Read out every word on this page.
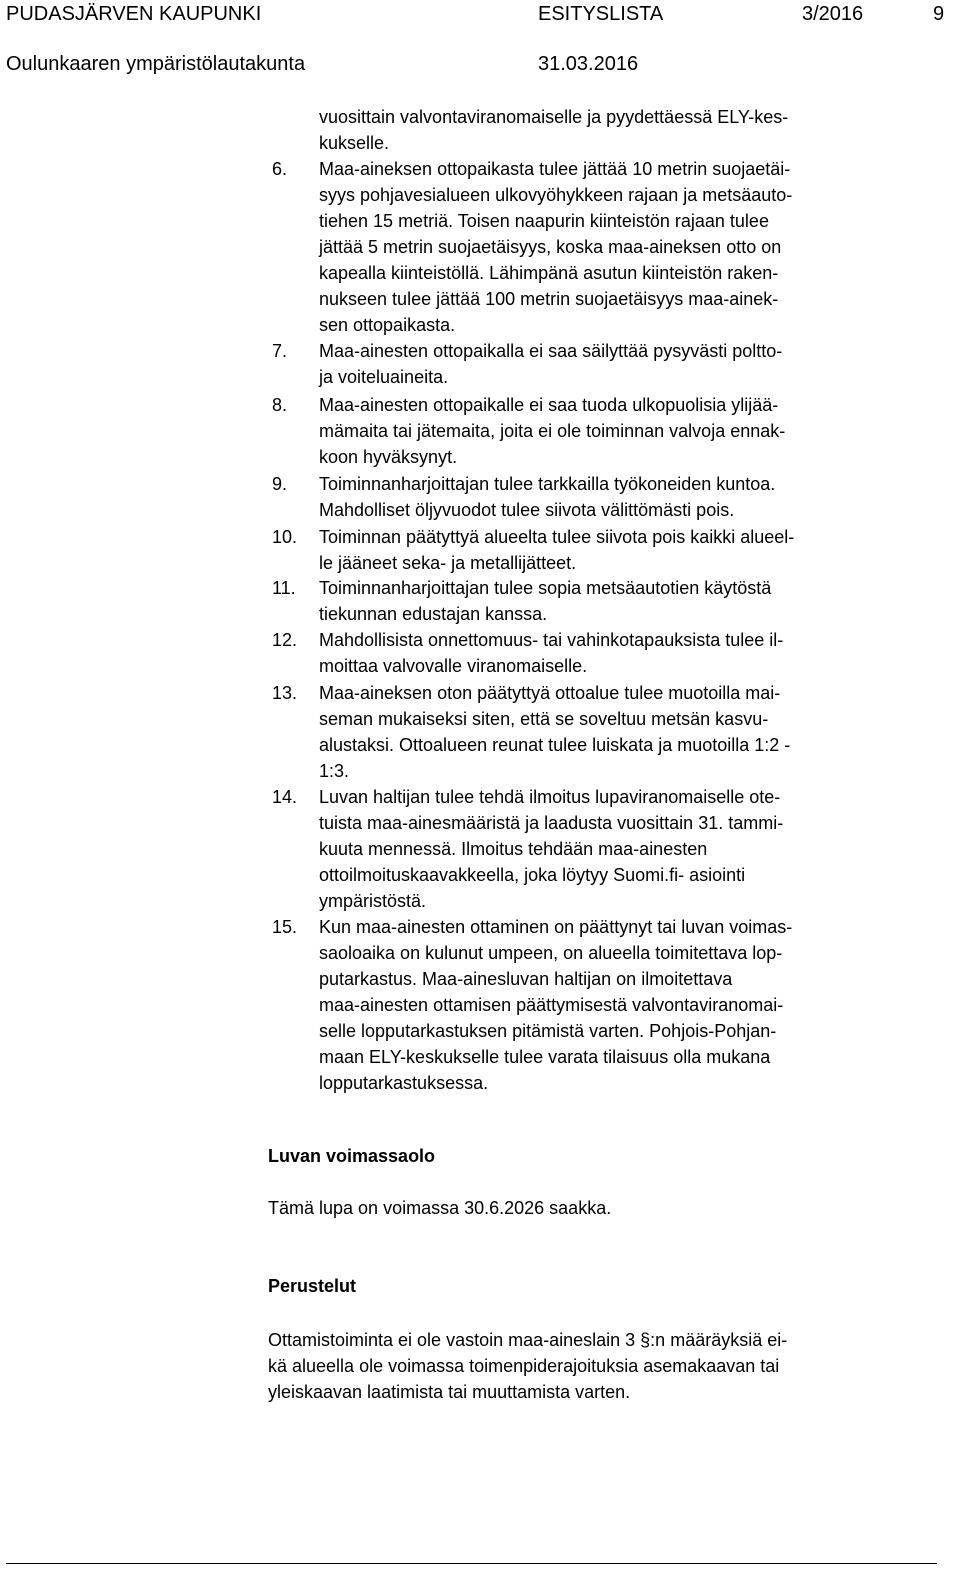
PUDASJÄRVEN KAUPUNKI	ESITYSLISTA	3/2016	9
Oulunkaaren ympäristölautakunta	31.03.2016
vuosittain valvontaviranomaiselle ja pyydettäessä ELY-kes-
kukselle.
6. Maa-aineksen ottopaikasta tulee jättää 10 metrin suojaetäi-
syys pohjavesialueen ulkovyöhykkeen rajaan ja metsäauto-
tiehen 15 metriä. Toisen naapurin kiinteistön rajaan tulee
jättää 5 metrin suojaetäisyys, koska maa-aineksen otto on
kapealla kiinteistöllä. Lähimpänä asutun kiinteistön raken-
nukseen tulee jättää 100 metrin suojaetäisyys maa-ainek-
sen ottopaikasta.
7. Maa-ainesten ottopaikalla ei saa säilyttää pysyvästi poltto-
ja voiteluaineita.
8. Maa-ainesten ottopaikalle ei saa tuoda ulkopuolisia ylijää-
mämaita tai jätemaita, joita ei ole toiminnan valvoja ennak-
koon hyväksynyt.
9. Toiminnanharjoittajan tulee tarkkailla työkoneiden kuntoa.
Mahdolliset öljyvuodot tulee siivota välittömästi pois.
10. Toiminnan päätyttyä alueelta tulee siivota pois kaikki alueel-
le jääneet seka- ja metallijätteet.
11. Toiminnanharjoittajan tulee sopia metsäautotien käytöstä
tiekunnan edustajan kanssa.
12. Mahdollisista onnettomuus- tai vahinkotapauksista tulee il-
moittaa valvovalle viranomaiselle.
13. Maa-aineksen oton päätyttyä ottoalue tulee muotoilla mai-
seman mukaiseksi siten, että se soveltuu metsän kasvu-
alustaksi. Ottoalueen reunat tulee luiskata ja muotoilla 1:2 -
1:3.
14. Luvan haltijan tulee tehdä ilmoitus lupaviranomaiselle ote-
tuista maa-ainesmääristä ja laadusta vuosittain 31. tammi-
kuuta mennessä. Ilmoitus tehdään maa-ainesten
ottoilmoituskaavakkeella, joka löytyy Suomi.fi- asiointi
ympäristöstä.
15. Kun maa-ainesten ottaminen on päättynyt tai luvan voimas-
saoloaika on kulunut umpeen, on alueella toimitettava lop-
putarkastus. Maa-ainesluvan haltijan on ilmoitettava
maa-ainesten ottamisen päättymisestä valvontaviranomai-
selle lopputarkastuksen pitämistä varten. Pohjois-Pohjan-
maan ELY-keskukselle tulee varata tilaisuus olla mukana
lopputarkastuksessa.
Luvan voimassaolo
Tämä lupa on voimassa 30.6.2026 saakka.
Perustelut
Ottamistoiminta ei ole vastoin maa-aineslain 3 §:n määräyksiä ei-
kä alueella ole voimassa toimenpiderajoituksia asemakaavan tai
yleiskaavan laatimista tai muuttamista varten.
